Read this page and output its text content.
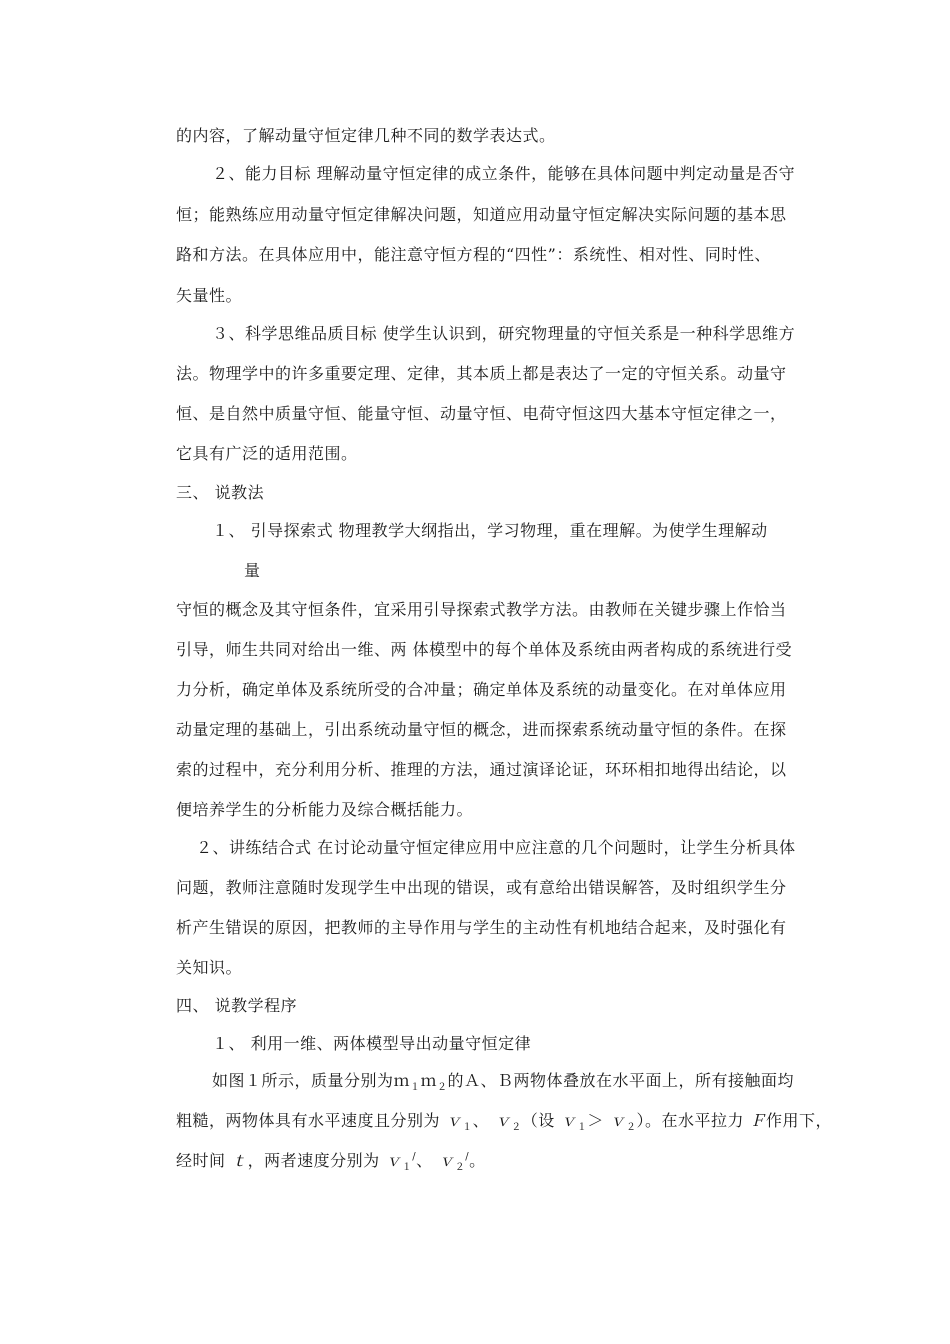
的内容，了解动量守恒定律几种不同的数学表达式。
２、能力目标 理解动量守恒定律的成立条件，能够在具体问题中判定动量是否守
恒；能熟练应用动量守恒定律解决问题，知道应用动量守恒定解决实际问题的基本思
路和方法。在具体应用中，能注意守恒方程的“四性”：系统性、相对性、同时性、
矢量性。
３、科学思维品质目标 使学生认识到，研究物理量的守恒关系是一种科学思维方
法。物理学中的许多重要定理、定律，其本质上都是表达了一定的守恒关系。动量守
恒、是自然中质量守恒、能量守恒、动量守恒、电荷守恒这四大基本守恒定律之一，
它具有广泛的适用范围。
三、 说教法
１、 引导探索式 物理教学大纲指出，学习物理，重在理解。为使学生理解动
量
守恒的概念及其守恒条件，宜采用引导探索式教学方法。由教师在关键步骤上作恰当
引导，师生共同对给出一维、两 体模型中的每个单体及系统由两者构成的系统进行受
力分析，确定单体及系统所受的合冲量；确定单体及系统的动量变化。在对单体应用
动量定理的基础上，引出系统动量守恒的概念，进而探索系统动量守恒的条件。在探
索的过程中，充分利用分析、推理的方法，通过演译论证，环环相扣地得出结论，以
便培养学生的分析能力及综合概括能力。
２、讲练结合式 在讨论动量守恒定律应用中应注意的几个问题时，让学生分析具体
问题，教师注意随时发现学生中出现的错误，或有意给出错误解答，及时组织学生分
析产生错误的原因，把教师的主导作用与学生的主动性有机地结合起来，及时强化有
关知识。
四、 说教学程序
１、 利用一维、两体模型导出动量守恒定律
如图１所示，质量分别为ｍ$_1$ｍ$_2$的Ａ、Ｂ两物体叠放在水平面上，所有接触面均
粗糙，两物体具有水平速度且分别为 ｖ$_1$、 ｖ$_2$（设 ｖ$_1$＞ ｖ$_2$）。在水平拉力 Ｆ作用下，
经时间 ｔ，两者速度分别为 ｖ$_1$/、 ｖ$_2$/。
